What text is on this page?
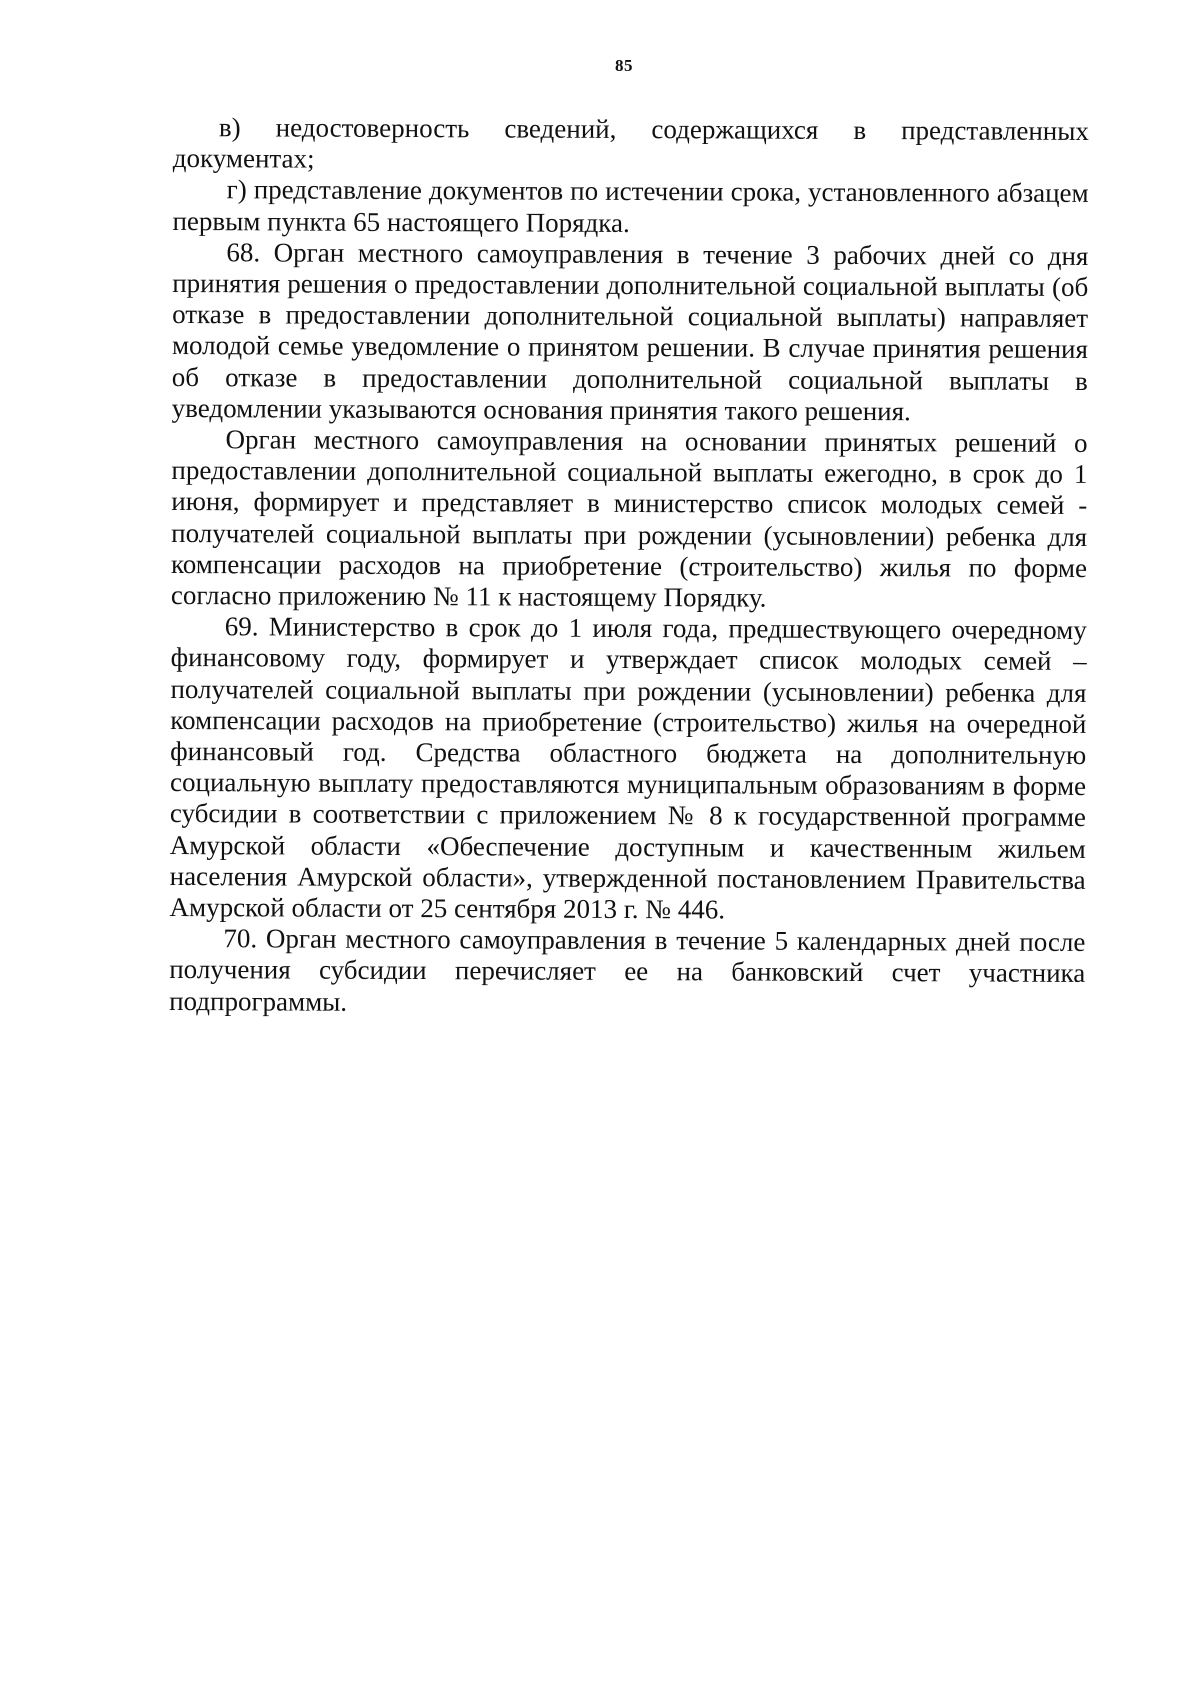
85

в) недостоверность сведений, содержащихся в представленных документах;

г) представление документов по истечении срока, установленного абзацем первым пункта 65 настоящего Порядка.

68. Орган местного самоуправления в течение 3 рабочих дней со дня принятия решения о предоставлении дополнительной социальной выплаты (об отказе в предоставлении дополнительной социальной выплаты) направляет молодой семье уведомление о принятом решении. В случае принятия решения об отказе в предоставлении дополнительной социальной выплаты в уведомлении указываются основания принятия такого решения.

Орган местного самоуправления на основании принятых решений о предоставлении дополнительной социальной выплаты ежегодно, в срок до 1 июня, формирует и представляет в министерство список молодых семей - получателей социальной выплаты при рождении (усыновлении) ребенка для компенсации расходов на приобретение (строительство) жилья по форме согласно приложению № 11 к настоящему Порядку.

69. Министерство в срок до 1 июля года, предшествующего очередному финансовому году, формирует и утверждает список молодых семей – получателей социальной выплаты при рождении (усыновлении) ребенка для компенсации расходов на приобретение (строительство) жилья на очередной финансовый год. Средства областного бюджета на дополнительную социальную выплату предоставляются муниципальным образованиям в форме субсидии в соответствии с приложением № 8 к государственной программе Амурской области «Обеспечение доступным и качественным жильем населения Амурской области», утвержденной постановлением Правительства Амурской области от 25 сентября 2013 г. № 446.

70. Орган местного самоуправления в течение 5 календарных дней после получения субсидии перечисляет ее на банковский счет участника подпрограммы.
